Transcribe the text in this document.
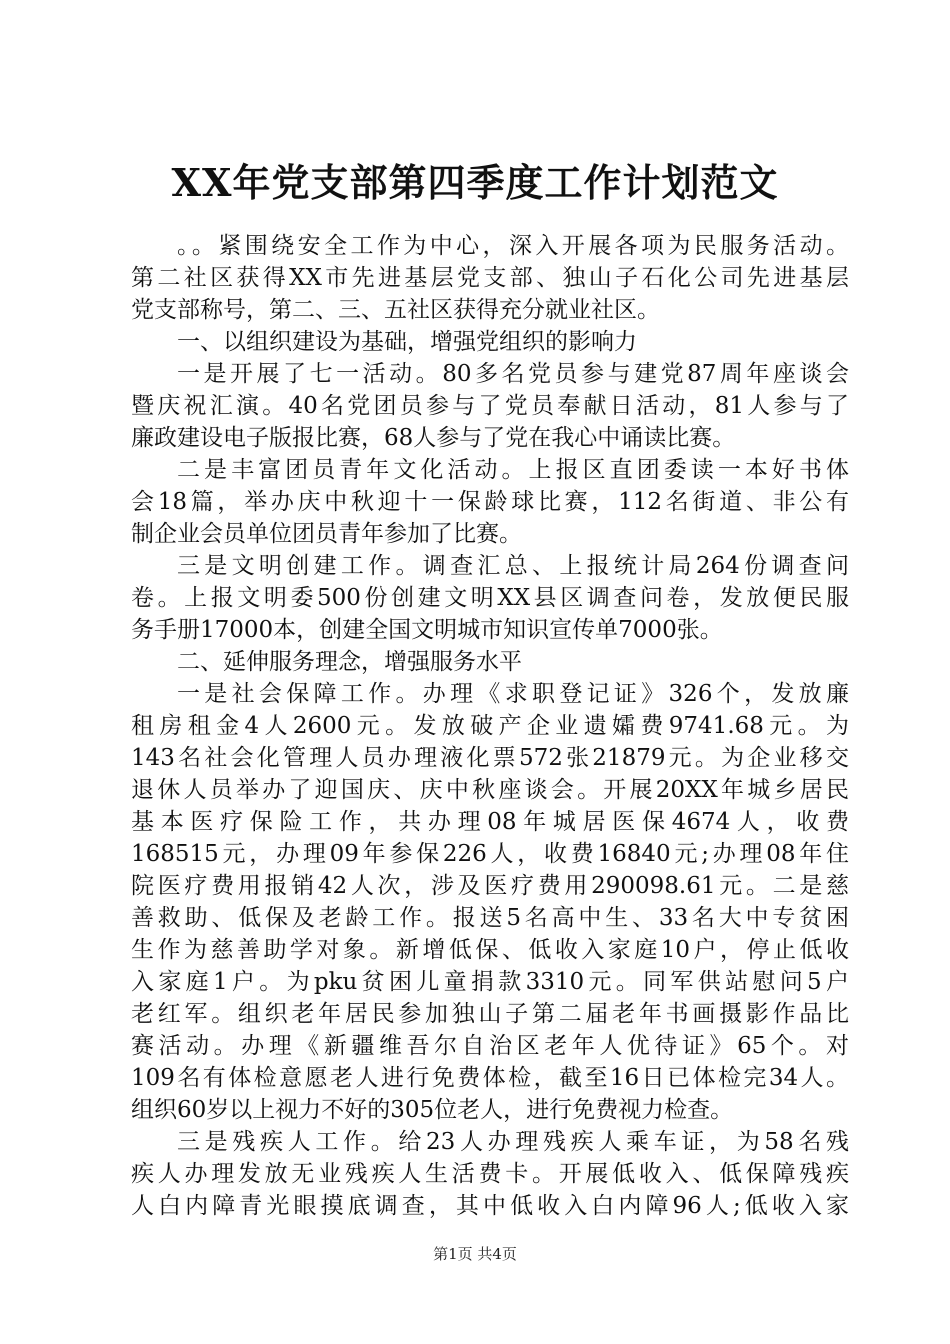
XX年党支部第四季度工作计划范文
。。紧围绕安全工作为中心，深入开展各项为民服务活动。
第二社区获得XX市先进基层党支部、独山子石化公司先进基层
党支部称号，第二、三、五社区获得充分就业社区。
一、以组织建设为基础，增强党组织的影响力
一是开展了七一活动。80多名党员参与建党87周年座谈会
暨庆祝汇演。40名党团员参与了党员奉献日活动，81人参与了
廉政建设电子版报比赛，68人参与了党在我心中诵读比赛。
二是丰富团员青年文化活动。上报区直团委读一本好书体
会18篇，举办庆中秋迎十一保龄球比赛，112名街道、非公有
制企业会员单位团员青年参加了比赛。
三是文明创建工作。调查汇总、上报统计局264份调查问
卷。上报文明委500份创建文明XX县区调查问卷，发放便民服
务手册17000本，创建全国文明城市知识宣传单7000张。
二、延伸服务理念，增强服务水平
一是社会保障工作。办理《求职登记证》326个，发放廉
租房租金4人2600元。发放破产企业遗孀费9741.68元。为
143名社会化管理人员办理液化票572张21879元。为企业移交
退休人员举办了迎国庆、庆中秋座谈会。开展20XX年城乡居民
基本医疗保险工作，共办理08年城居医保4674人，收费
168515元，办理09年参保226人，收费16840元;办理08年住
院医疗费用报销42人次，涉及医疗费用290098.61元。二是慈
善救助、低保及老龄工作。报送5名高中生、33名大中专贫困
生作为慈善助学对象。新增低保、低收入家庭10户，停止低收
入家庭1户。为pku贫困儿童捐款3310元。同军供站慰问5户
老红军。组织老年居民参加独山子第二届老年书画摄影作品比
赛活动。办理《新疆维吾尔自治区老年人优待证》65个。对
109名有体检意愿老人进行免费体检，截至16日已体检完34人。
组织60岁以上视力不好的305位老人，进行免费视力检查。
三是残疾人工作。给23人办理残疾人乘车证，为58名残
疾人办理发放无业残疾人生活费卡。开展低收入、低保障残疾
人白内障青光眼摸底调查，其中低收入白内障96人;低收入家
第1页 共4页
